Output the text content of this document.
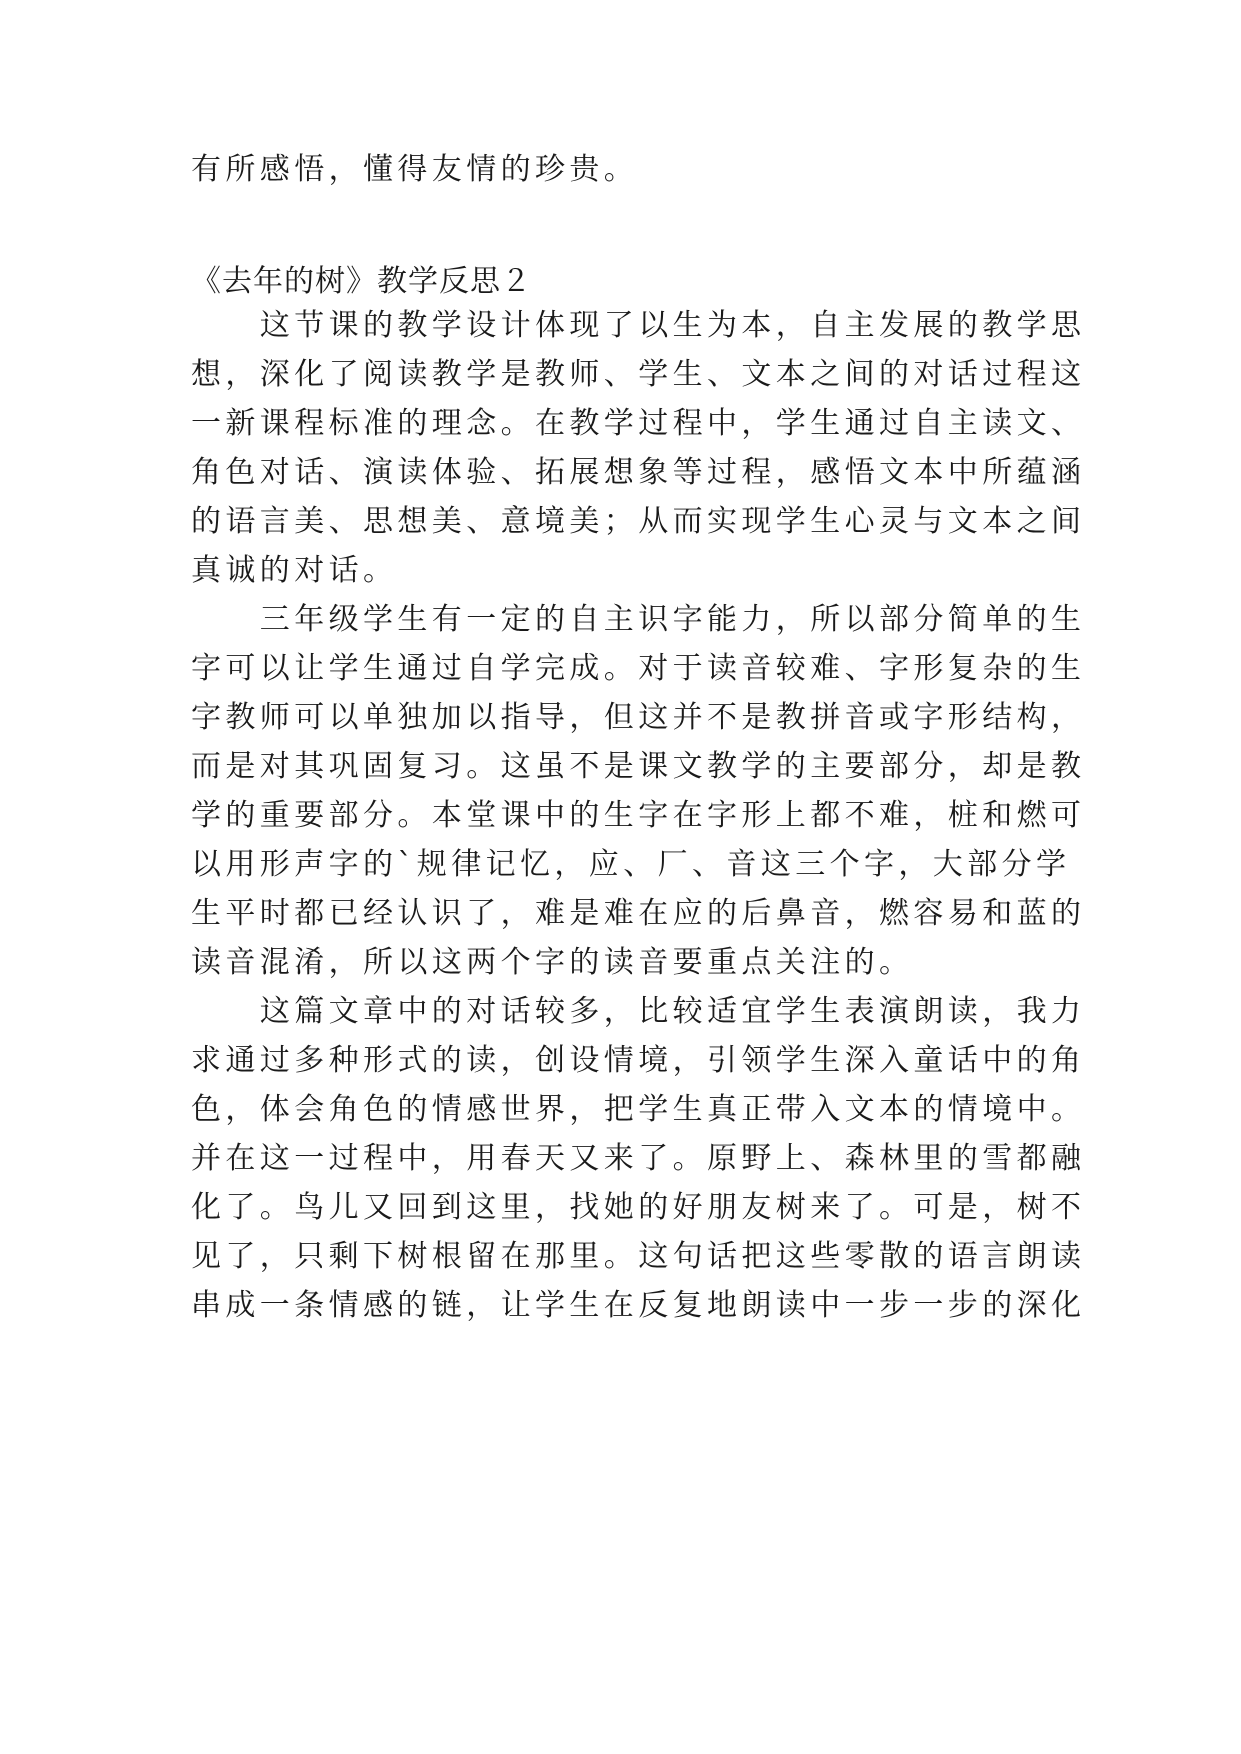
有所感悟，懂得友情的珍贵。

《去年的树》教学反思２

　　这节课的教学设计体现了以生为本，自主发展的教学思

想，深化了阅读教学是教师、学生、文本之间的对话过程这

一新课程标准的理念。在教学过程中，学生通过自主读文、

角色对话、演读体验、拓展想象等过程，感悟文本中所蕴涵

的语言美、思想美、意境美；从而实现学生心灵与文本之间

真诚的对话。

　　三年级学生有一定的自主识字能力，所以部分简单的生

字可以让学生通过自学完成。对于读音较难、字形复杂的生

字教师可以单独加以指导，但这并不是教拼音或字形结构，

而是对其巩固复习。这虽不是课文教学的主要部分，却是教

学的重要部分。本堂课中的生字在字形上都不难，桩和燃可

以用形声字的`规律记忆，应、厂、音这三个字，大部分学

生平时都已经认识了，难是难在应的后鼻音，燃容易和蓝的

读音混淆，所以这两个字的读音要重点关注的。

　　这篇文章中的对话较多，比较适宜学生表演朗读，我力

求通过多种形式的读，创设情境，引领学生深入童话中的角

色，体会角色的情感世界，把学生真正带入文本的情境中。

并在这一过程中，用春天又来了。原野上、森林里的雪都融

化了。鸟儿又回到这里，找她的好朋友树来了。可是，树不

见了，只剩下树根留在那里。这句话把这些零散的语言朗读

串成一条情感的链，让学生在反复地朗读中一步一步的深化
